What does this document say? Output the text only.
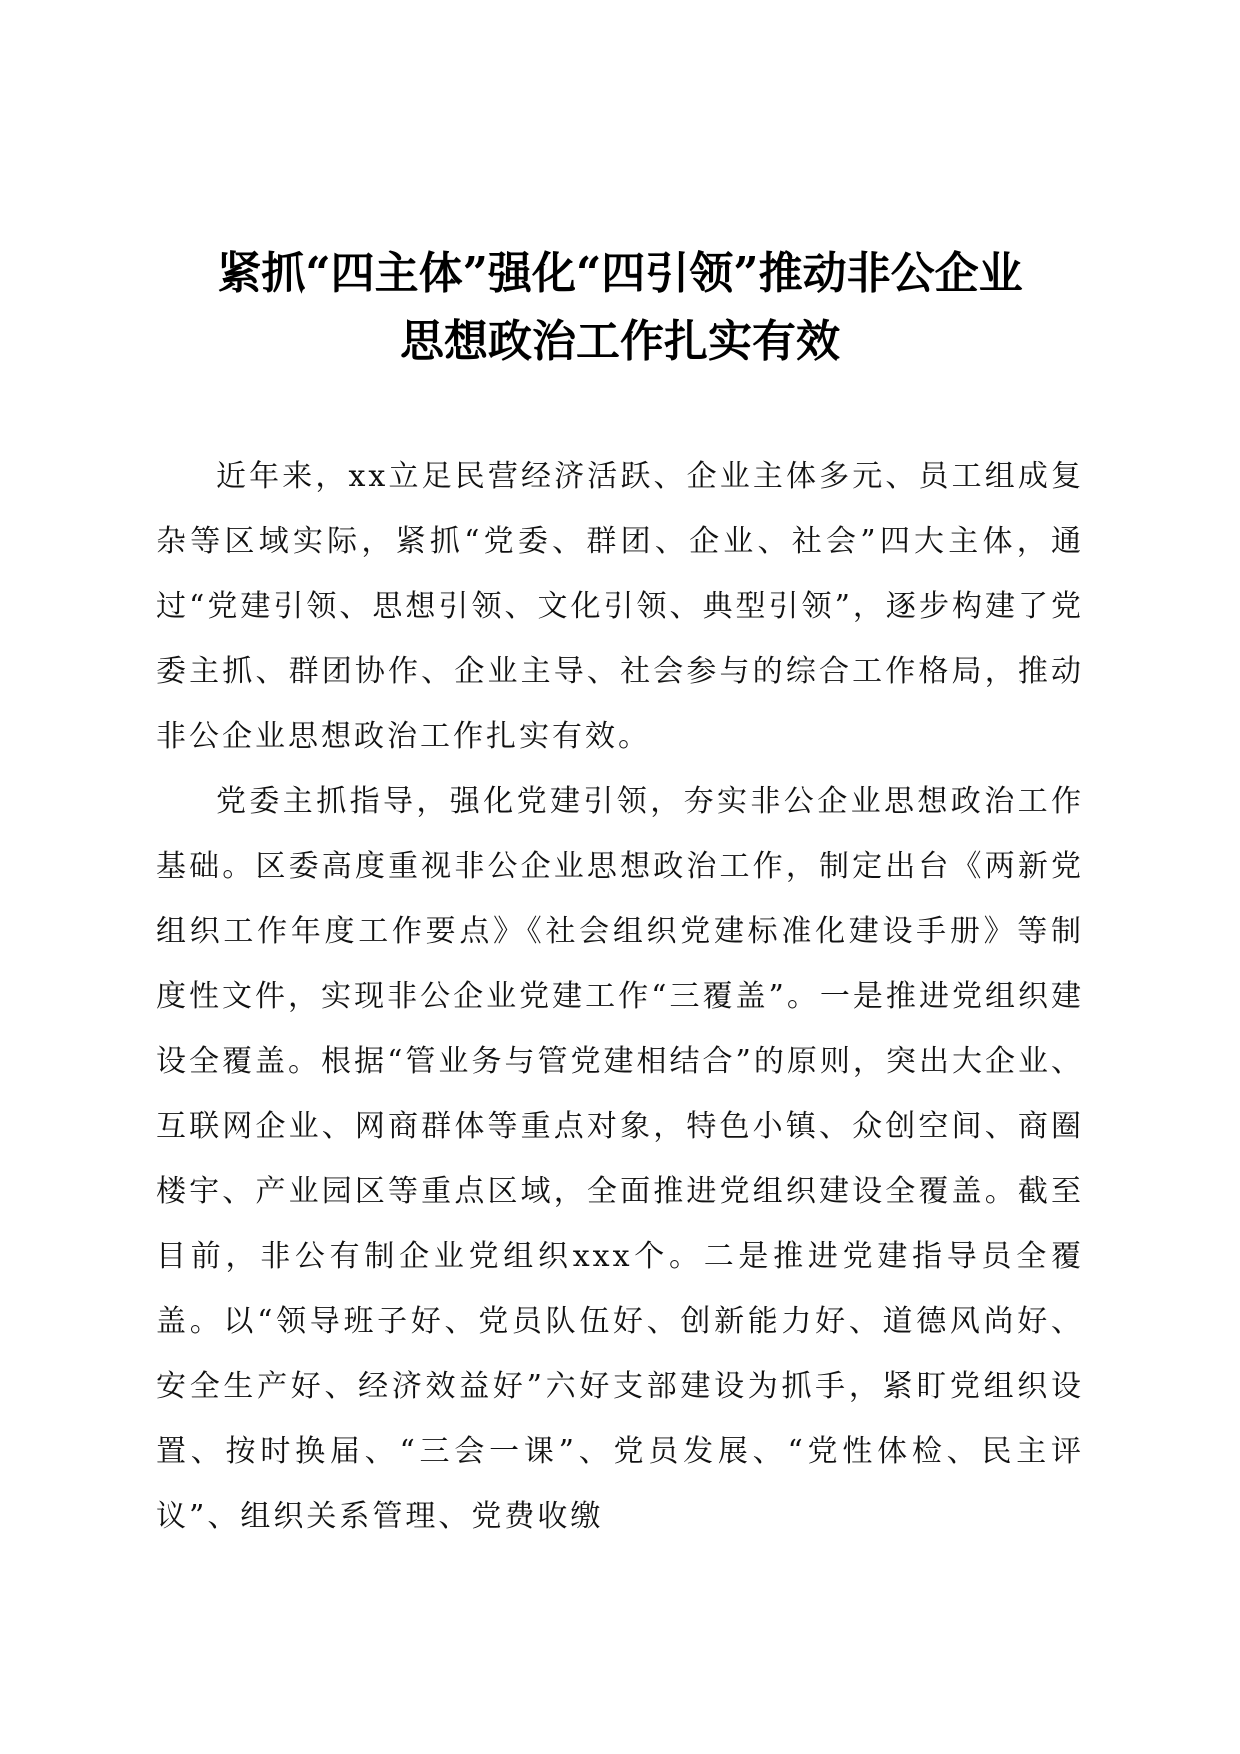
紧抓“四主体”强化“四引领”推动非公企业
思想政治工作扎实有效

近年来，xx立足民营经济活跃、企业主体多元、员工组成复杂等区域实际，紧抓“党委、群团、企业、社会”四大主体，通过“党建引领、思想引领、文化引领、典型引领”，逐步构建了党委主抓、群团协作、企业主导、社会参与的综合工作格局，推动非公企业思想政治工作扎实有效。

党委主抓指导，强化党建引领，夯实非公企业思想政治工作基础。区委高度重视非公企业思想政治工作，制定出台《两新党组织工作年度工作要点》《社会组织党建标准化建设手册》等制度性文件，实现非公企业党建工作“三覆盖”。一是推进党组织建设全覆盖。根据“管业务与管党建相结合”的原则，突出大企业、互联网企业、网商群体等重点对象，特色小镇、众创空间、商圈楼宇、产业园区等重点区域，全面推进党组织建设全覆盖。截至目前，非公有制企业党组织xxx个。二是推进党建指导员全覆盖。以“领导班子好、党员队伍好、创新能力好、道德风尚好、安全生产好、经济效益好”六好支部建设为抓手，紧盯党组织设置、按时换届、“三会一课”、党员发展、“党性体检、民主评议”、组织关系管理、党费收缴
